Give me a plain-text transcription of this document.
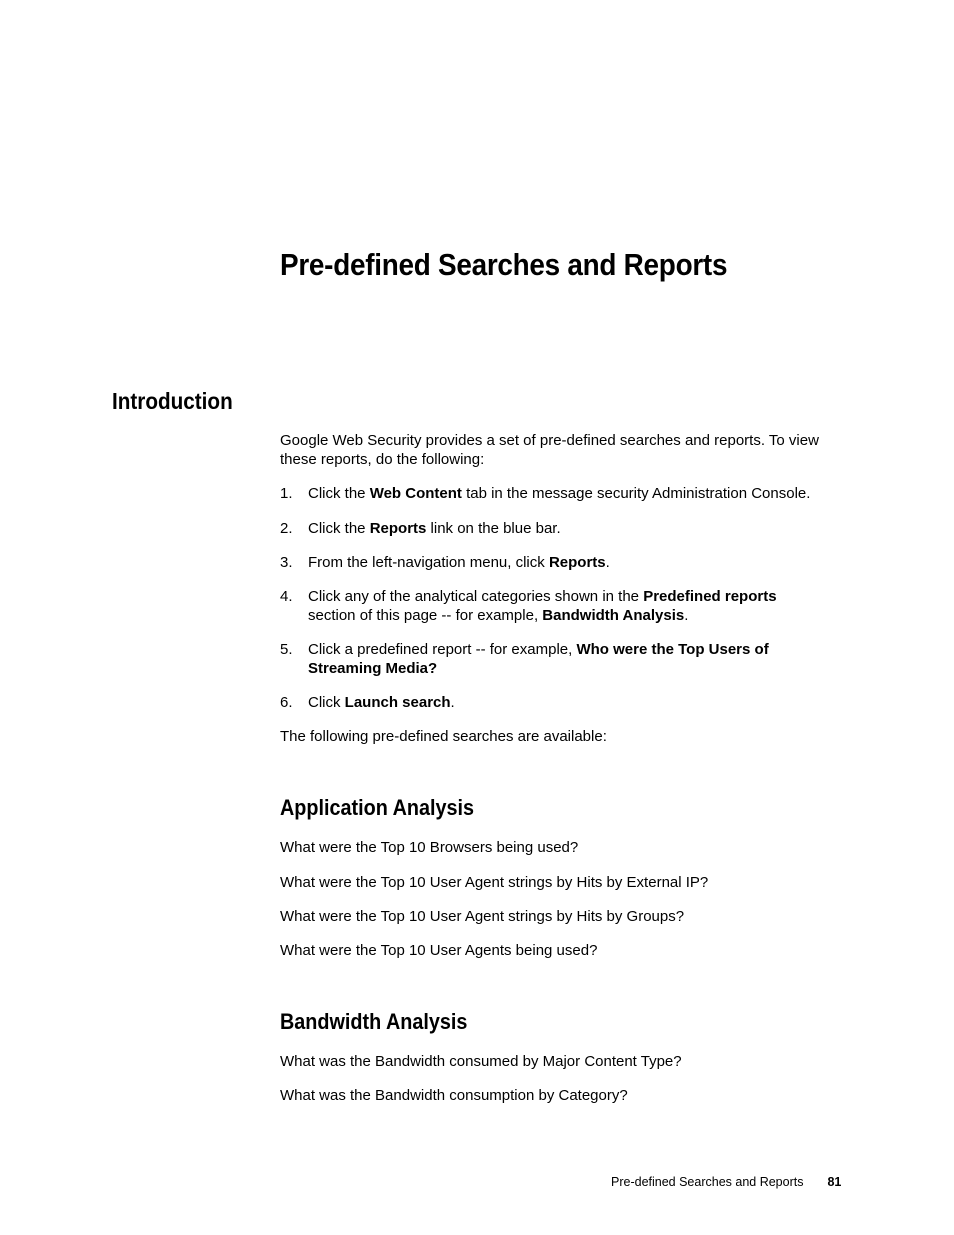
Pre-defined Searches and Reports
Introduction

Google Web Security provides a set of pre-defined searches and reports. To view these reports, do the following:

1. Click the Web Content tab in the message security Administration Console.
2. Click the Reports link on the blue bar.
3. From the left-navigation menu, click Reports.
4. Click any of the analytical categories shown in the Predefined reports
section of this page -- for example, Bandwidth Analysis.
5. Click a predefined report -- for example, Who were the Top Users of Streaming Media?
6. Click Launch search.

The following pre-defined searches are available:

Application Analysis

What were the Top 10 Browsers being used?

What were the Top 10 User Agent strings by Hits by External IP?

What were the Top 10 User Agent strings by Hits by Groups?

What were the Top 10 User Agents being used?

Bandwidth Analysis

What was the Bandwidth consumed by Major Content Type?

What was the Bandwidth consumption by Category?

Pre-defined Searches and Reports 81
